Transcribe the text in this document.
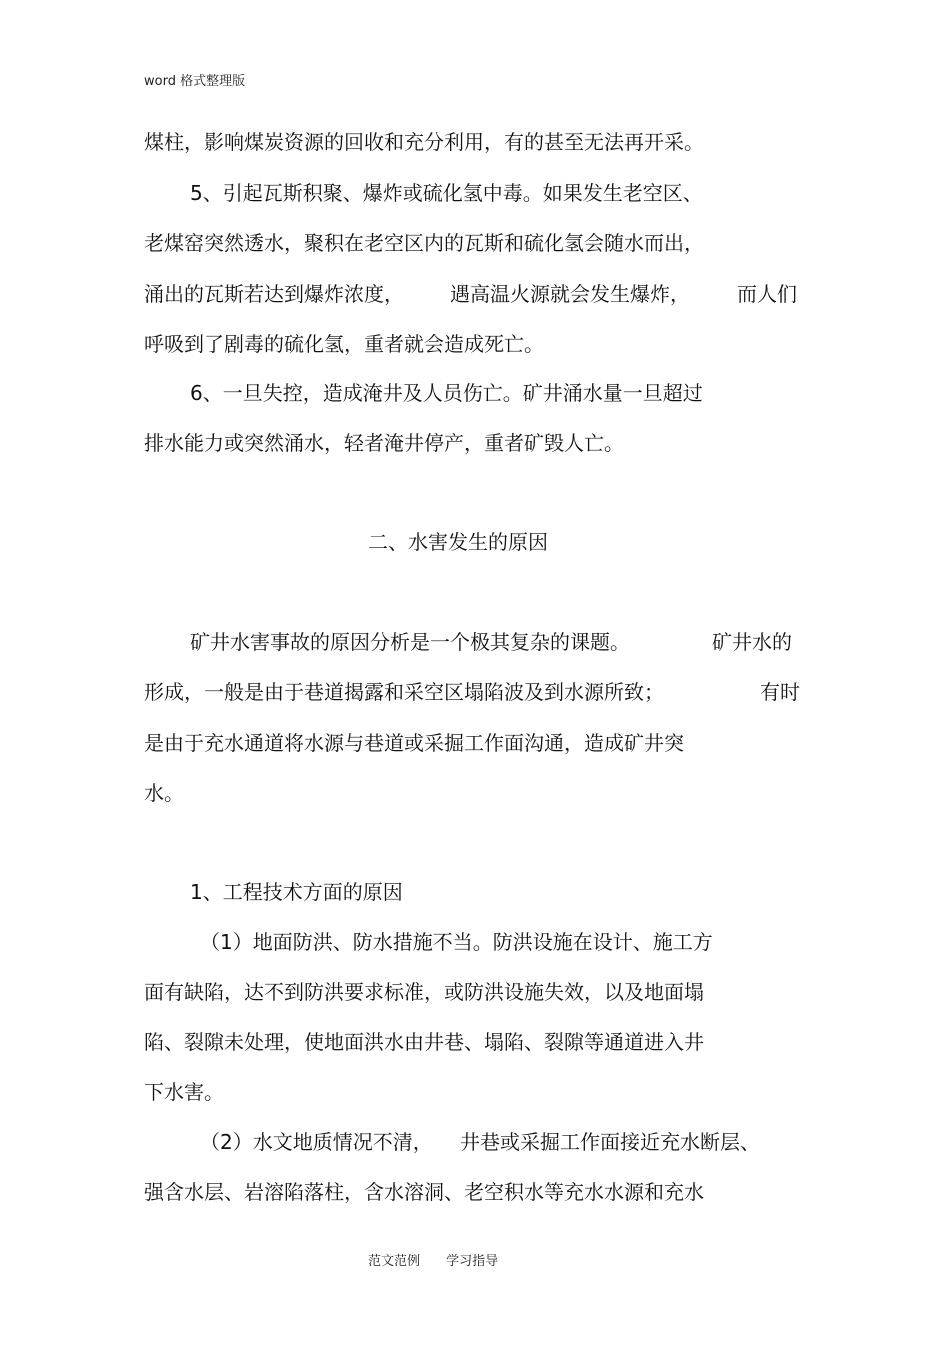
word 格式整理版
煤柱，影响煤炭资源的回收和充分利用，有的甚至无法再开采。
5、引起瓦斯积聚、爆炸或硫化氢中毒。如果发生老空区、
老煤窑突然透水，聚积在老空区内的瓦斯和硫化氢会随水而出，
涌出的瓦斯若达到爆炸浓度， 遇高温火源就会发生爆炸， 而人们
呼吸到了剧毒的硫化氢，重者就会造成死亡。
6、一旦失控，造成淹井及人员伤亡。矿井涌水量一旦超过
排水能力或突然涌水，轻者淹井停产，重者矿毁人亡。
二、水害发生的原因
矿井水害事故的原因分析是一个极其复杂的课题。	矿井水的
形成，一般是由于巷道揭露和采空区塌陷波及到水源所致；	有时
是由于充水通道将水源与巷道或采掘工作面沟通，造成矿井突
水。
1、工程技术方面的原因
（1）地面防洪、防水措施不当。防洪设施在设计、施工方
面有缺陷，达不到防洪要求标准，或防洪设施失效，以及地面塌
陷、裂隙未处理，使地面洪水由井巷、塌陷、裂隙等通道进入井
下水害。
（2）水文地质情况不清， 井巷或采掘工作面接近充水断层、
强含水层、岩溶陷落柱，含水溶洞、老空积水等充水水源和充水
范文范例 学习指导
